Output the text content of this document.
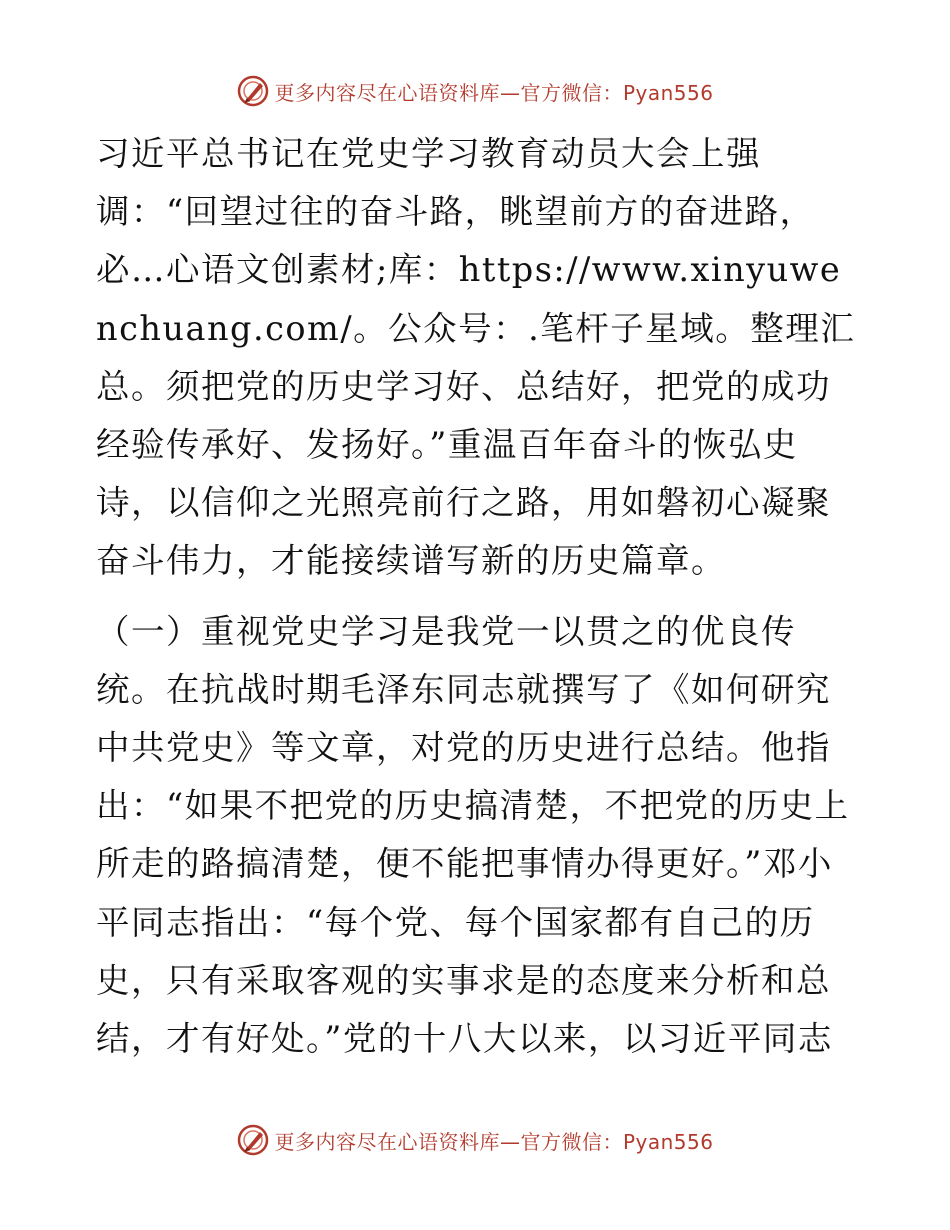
更多内容尽在心语资料库—官方微信：Pyan556

习近平总书记在党史学习教育动员大会上强调：“回望过往的奋斗路，眺望前方的奋进路，必…心语文创素材;库：https://www.xinyuwenchuang.com/。公众号：.笔杆子星域。整理汇总。须把党的历史学习好、总结好，把党的成功经验传承好、发扬好。”重温百年奋斗的恢弘史诗，以信仰之光照亮前行之路，用如磐初心凝聚奋斗伟力，才能接续谱写新的历史篇章。

（一）重视党史学习是我党一以贯之的优良传统。在抗战时期毛泽东同志就撰写了《如何研究中共党史》等文章，对党的历史进行总结。他指出：“如果不把党的历史搞清楚，不把党的历史上所走的路搞清楚，便不能把事情办得更好。”邓小平同志指出：“每个党、每个国家都有自己的历史，只有采取客观的实事求是的态度来分析和总结，才有好处。”党的十八大以来，以习近平同志

更多内容尽在心语资料库—官方微信：Pyan556
